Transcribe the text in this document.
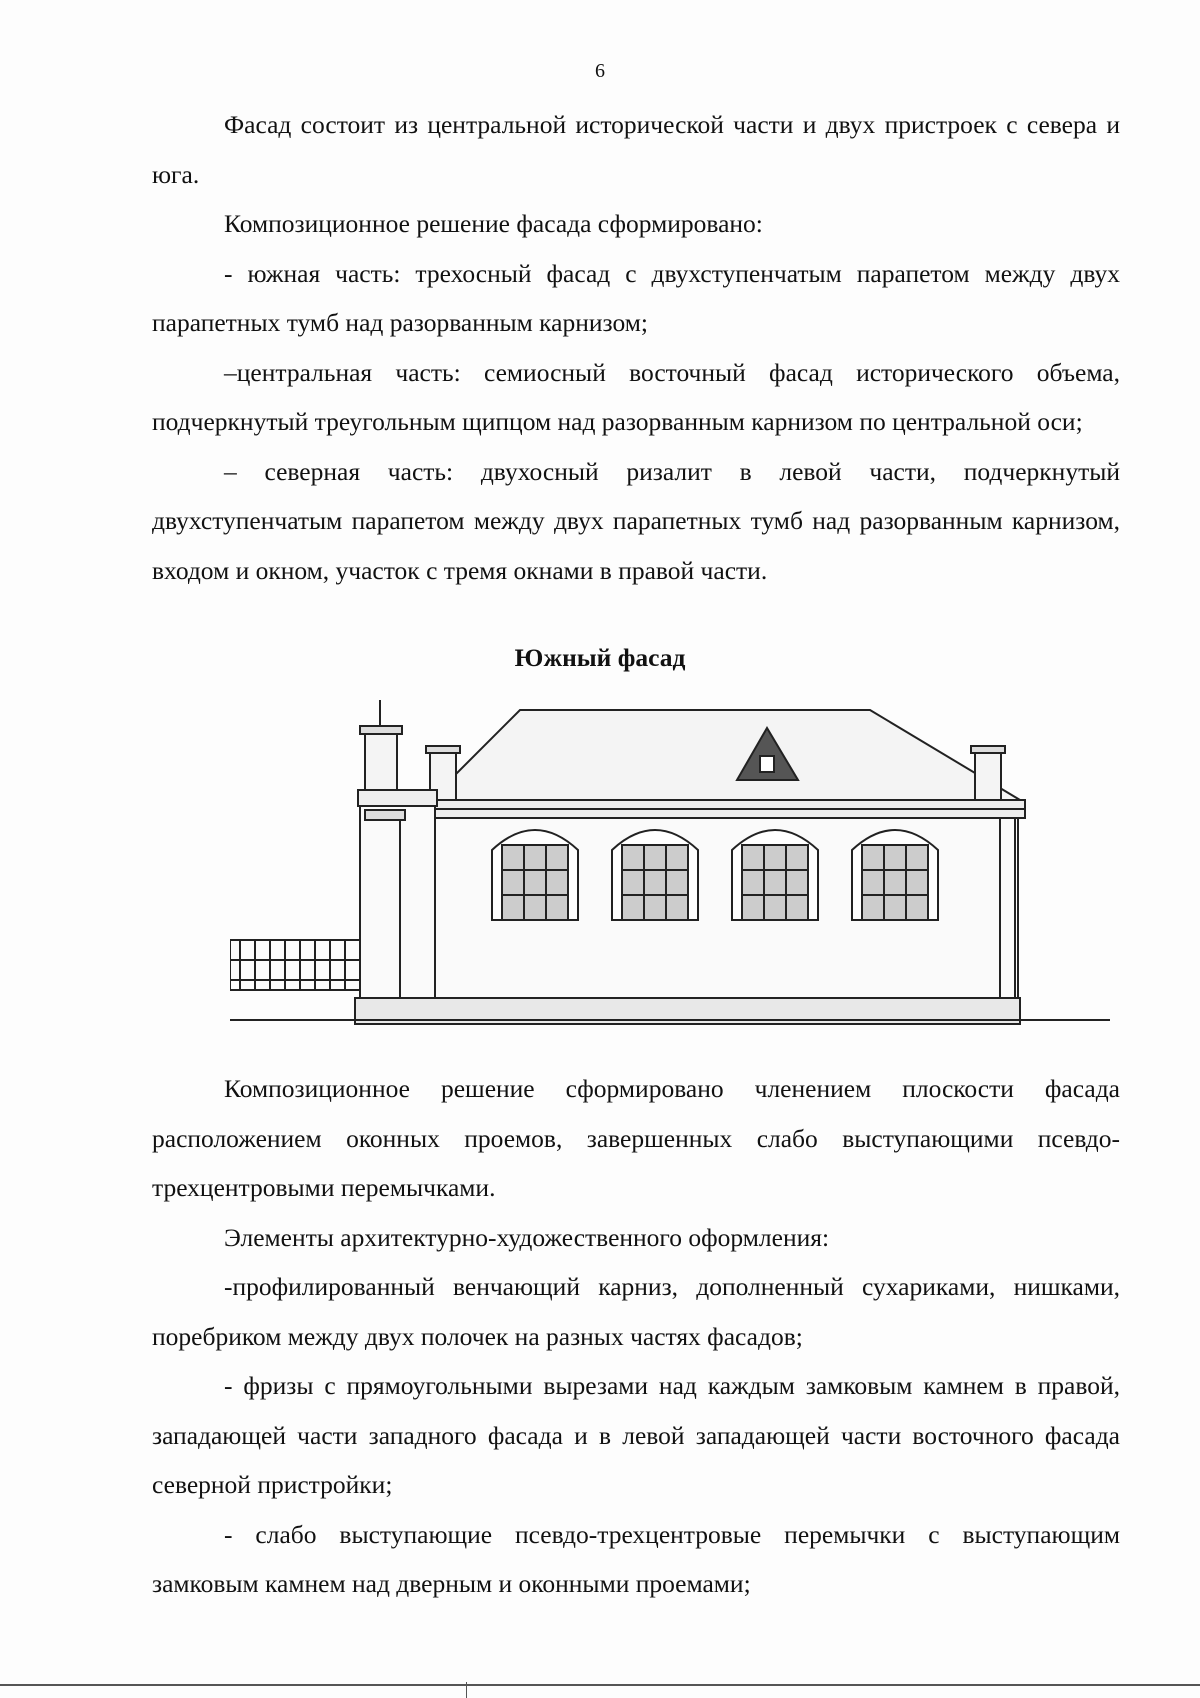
6

Фасад состоит из центральной исторической части и двух пристроек с севера и юга.

Композиционное решение фасада сформировано:

- южная часть: трехосный фасад с двухступенчатым парапетом между двух парапетных тумб над разорванным карнизом;

–центральная часть: семиосный восточный фасад исторического объема, подчеркнутый треугольным щипцом над разорванным карнизом по центральной оси;

– северная часть: двухосный ризалит в левой части, подчеркнутый двухступенчатым парапетом между двух парапетных тумб над разорванным карнизом, входом и окном, участок с тремя окнами в правой части.

Южный фасад

Композиционное решение сформировано членением плоскости фасада расположением оконных проемов, завершенных слабо выступающими псевдо-трехцентровыми перемычками.

Элементы архитектурно-художественного оформления:

-профилированный венчающий карниз, дополненный сухариками, нишками, поребриком между двух полочек на разных частях фасадов;

- фризы с прямоугольными вырезами над каждым замковым камнем в правой, западающей части западного фасада и в левой западающей части восточного фасада северной пристройки;

- слабо выступающие псевдо-трехцентровые перемычки с выступающим замковым камнем над дверным и оконными проемами;
